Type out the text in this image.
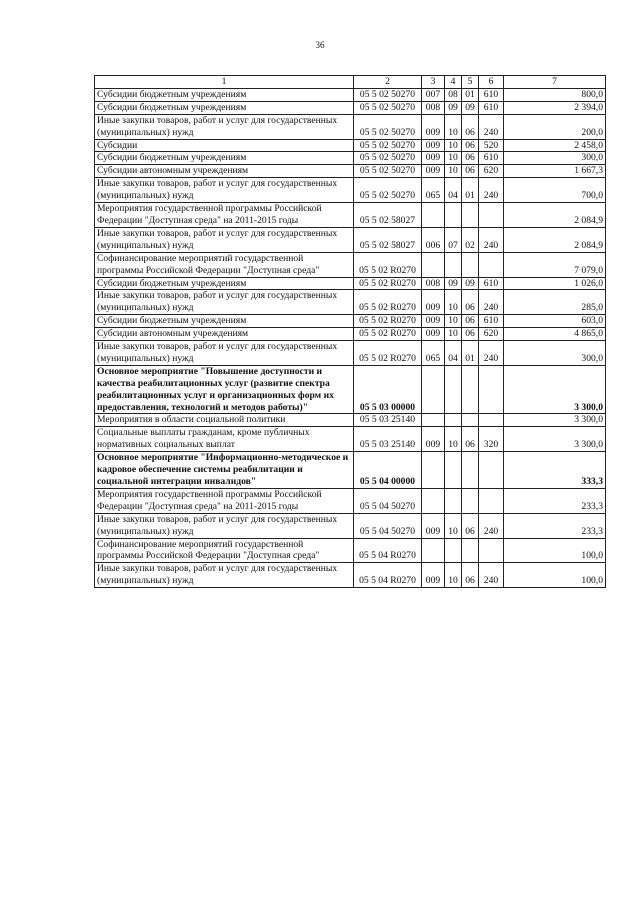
36
1	2	3	4	5	6	7
Субсидии бюджетным учреждениям	05 5 02 50270	007	08	01	610	800,0
Субсидии бюджетным учреждениям	05 5 02 50270	008	09	09	610	2 394,0
Иные закупки товаров, работ и услуг для государственных (муниципальных) нужд	05 5 02 50270	009	10	06	240	200,0
Субсидии	05 5 02 50270	009	10	06	520	2 458,0
Субсидии бюджетным учреждениям	05 5 02 50270	009	10	06	610	300,0
Субсидии автономным учреждениям	05 5 02 50270	009	10	06	620	1 667,3
Иные закупки товаров, работ и услуг для государственных (муниципальных) нужд	05 5 02 50270	065	04	01	240	700,0
Мероприятия государственной программы Российской Федерации "Доступная среда" на 2011-2015 годы	05 5 02 58027					2 084,9
Иные закупки товаров, работ и услуг для государственных (муниципальных) нужд	05 5 02 58027	006	07	02	240	2 084,9
Софинансирование мероприятий государственной программы Российской Федерации "Доступная среда"	05 5 02 R0270					7 079,0
Субсидии бюджетным учреждениям	05 5 02 R0270	008	09	09	610	1 026,0
Иные закупки товаров, работ и услуг для государственных (муниципальных) нужд	05 5 02 R0270	009	10	06	240	285,0
Субсидии бюджетным учреждениям	05 5 02 R0270	009	10	06	610	603,0
Субсидии автономным учреждениям	05 5 02 R0270	009	10	06	620	4 865,0
Иные закупки товаров, работ и услуг для государственных (муниципальных) нужд	05 5 02 R0270	065	04	01	240	300,0
Основное мероприятие "Повышение доступности и качества реабилитационных услуг (развитие спектра реабилитационных услуг и организационных форм их предоставления, технологий и методов работы)"	05 5 03 00000					3 300,0
Мероприятия в области социальной политики	05 5 03 25140					3 300,0
Социальные выплаты гражданам, кроме публичных нормативных социальных выплат	05 5 03 25140	009	10	06	320	3 300,0
Основное мероприятие "Информационно-методическое и кадровое обеспечение системы реабилитации и социальной интеграции инвалидов"	05 5 04 00000					333,3
Мероприятия государственной программы Российской Федерации "Доступная среда" на 2011-2015 годы	05 5 04 50270					233,3
Иные закупки товаров, работ и услуг для государственных (муниципальных) нужд	05 5 04 50270	009	10	06	240	233,3
Софинансирование мероприятий государственной программы Российской Федерации "Доступная среда"	05 5 04 R0270					100,0
Иные закупки товаров, работ и услуг для государственных (муниципальных) нужд	05 5 04 R0270	009	10	06	240	100,0
